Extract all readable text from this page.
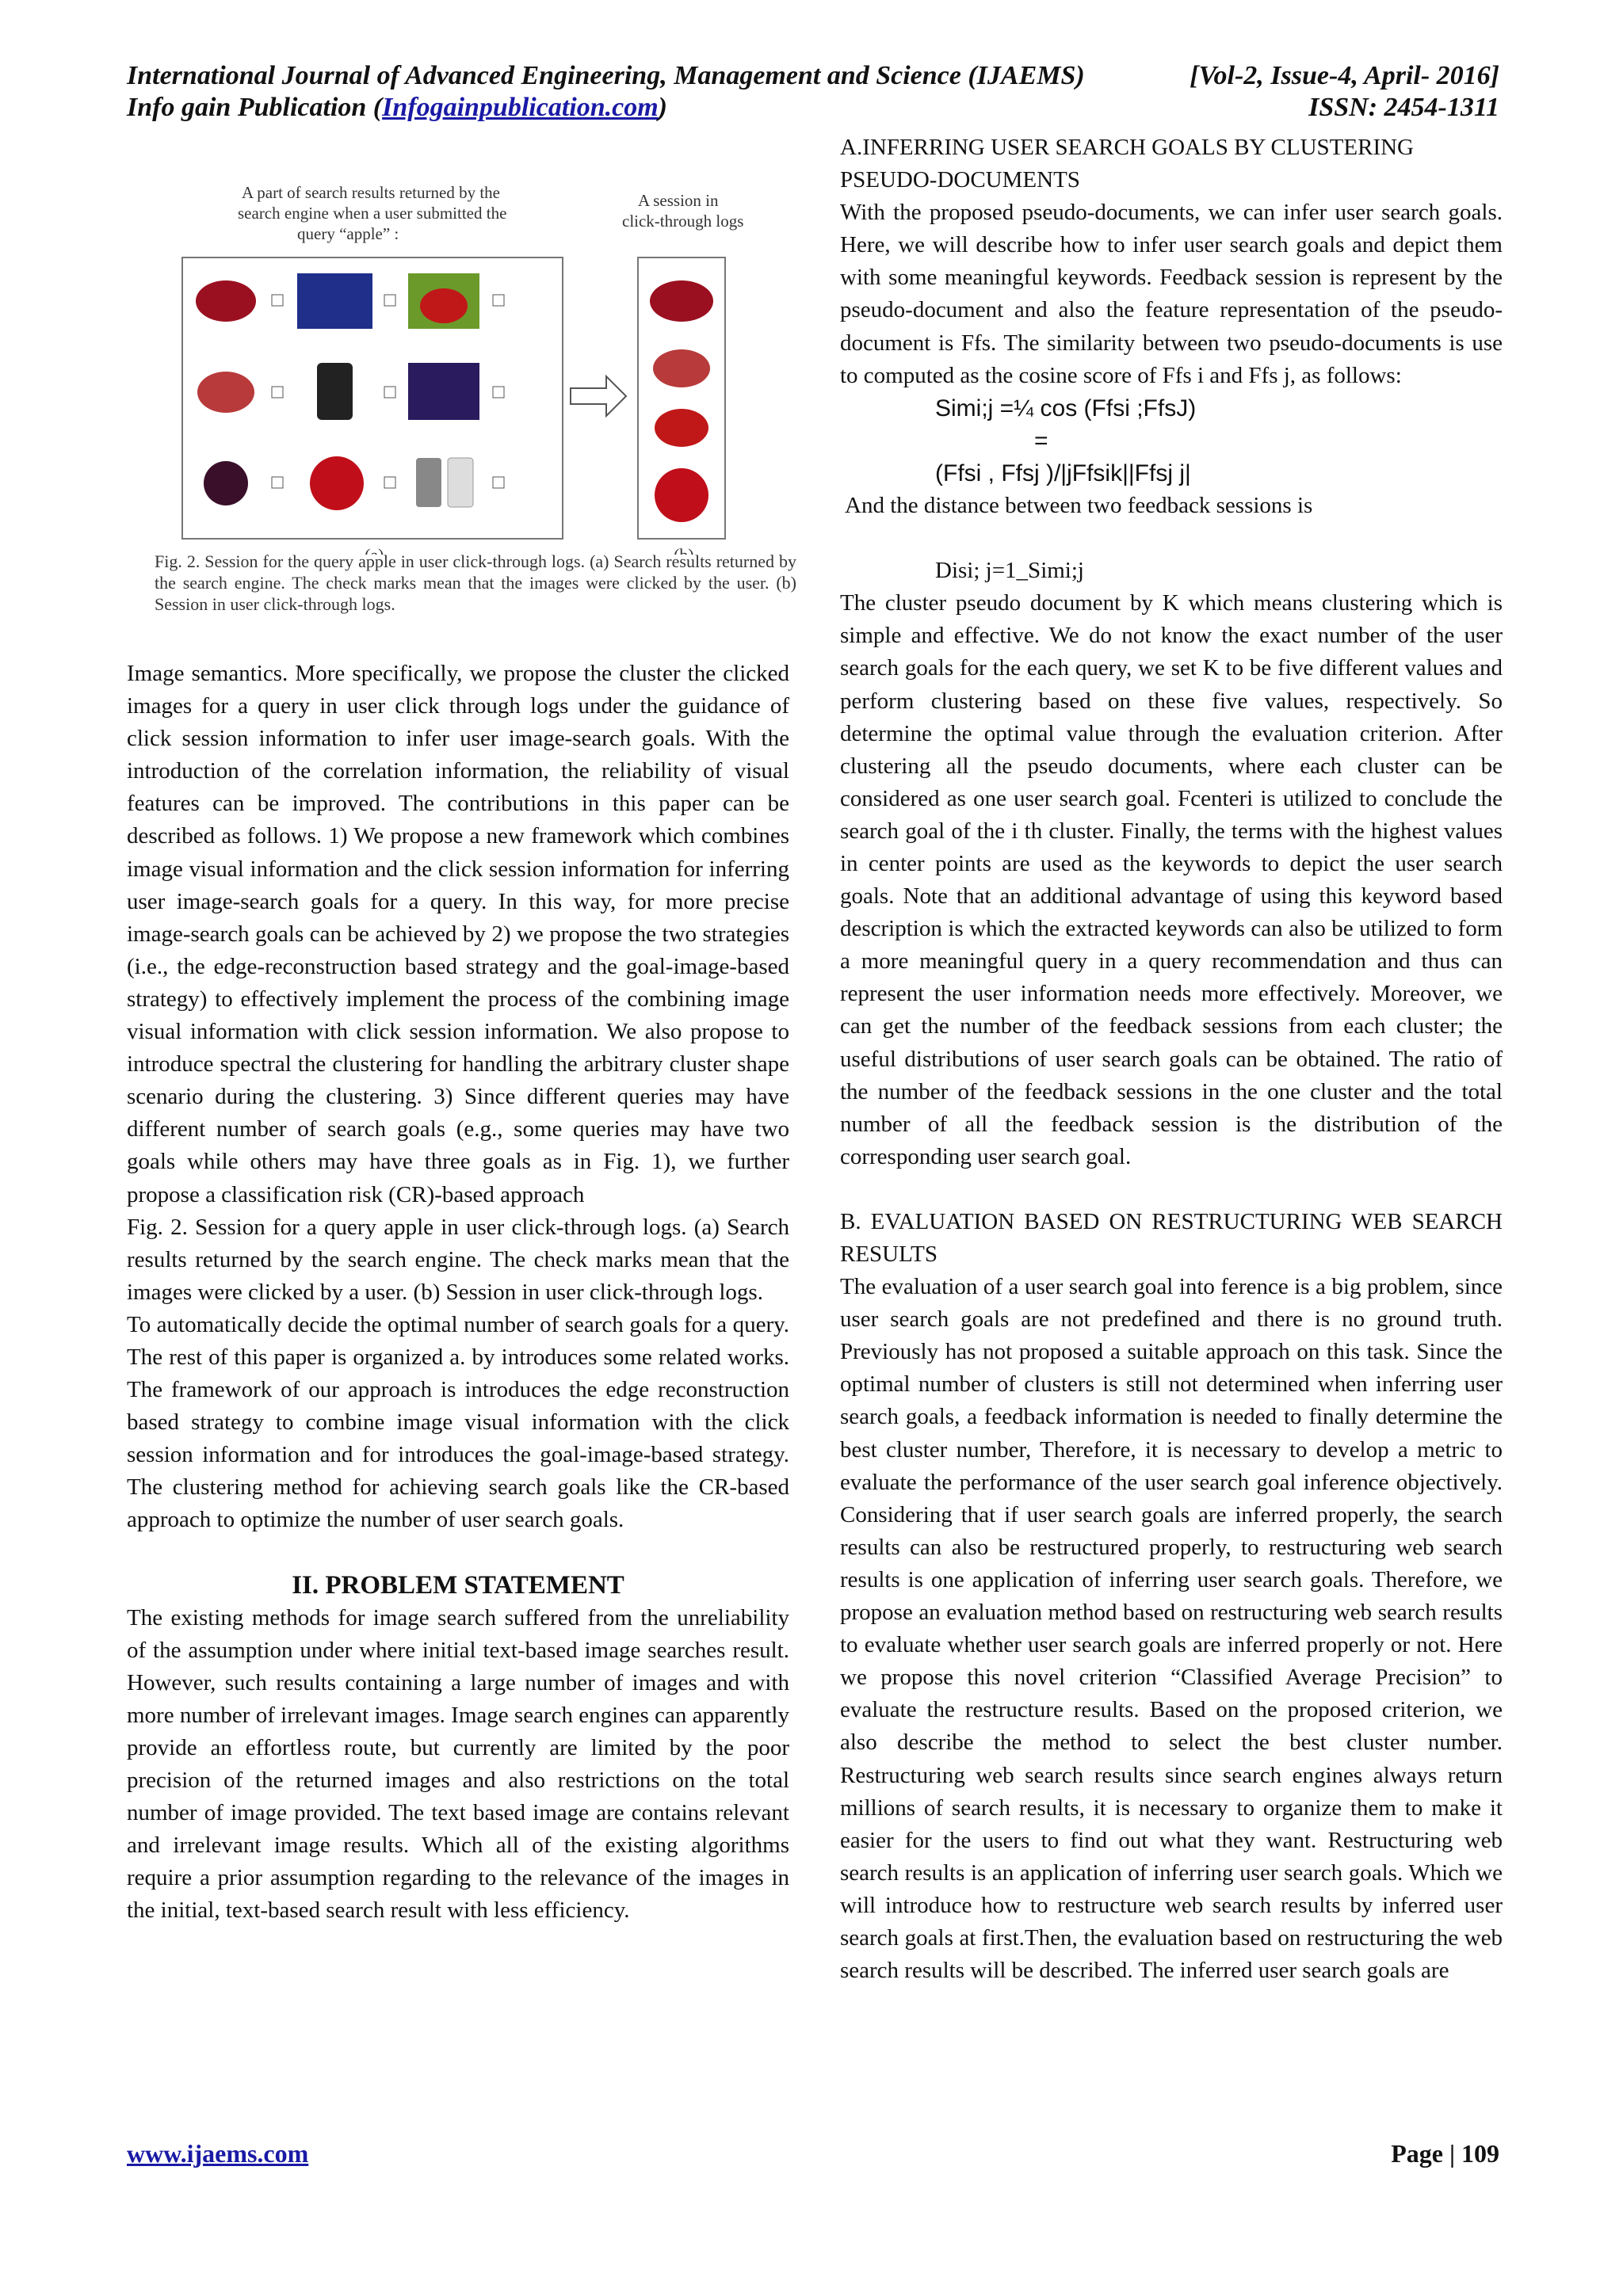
International Journal of Advanced Engineering, Management and Science (IJAEMS)	[Vol-2, Issue-4, April- 2016]
Info gain Publication (Infogainpublication.com)	ISSN: 2454-1311
A part of search results returned by the search engine when a user submitted the query “apple” :
A session in click-through logs
Fig. 2. Session for the query apple in user click-through logs. (a) Search results returned by the search engine. The check marks mean that the images were clicked by the user. (b) Session in user click-through logs.

Image semantics. More specifically, we propose the cluster the clicked images for a query in user click through logs under the guidance of click session information to infer user image-search goals. With the introduction of the correlation information, the reliability of visual features can be improved. The contributions in this paper can be described as follows. 1) We propose a new framework which combines image visual information and the click session information for inferring user image-search goals for a query. In this way, for more precise image-search goals can be achieved by 2) we propose the two strategies (i.e., the edge-reconstruction based strategy and the goal-image-based strategy) to effectively implement the process of the combining image visual information with click session information. We also propose to introduce spectral the clustering for handling the arbitrary cluster shape scenario during the clustering. 3) Since different queries may have different number of search goals (e.g., some queries may have two goals while others may have three goals as in Fig. 1), we further propose a classification risk (CR)-based approach

Fig. 2. Session for a query apple in user click-through logs. (a) Search results returned by the search engine. The check marks mean that the images were clicked by a user. (b) Session in user click-through logs.

To automatically decide the optimal number of search goals for a query. The rest of this paper is organized a. by introduces some related works. The framework of our approach is introduces the edge reconstruction based strategy to combine image visual information with the click session information and for introduces the goal-image-based strategy. The clustering method for achieving search goals like the CR-based approach to optimize the number of user search goals.

II. PROBLEM STATEMENT

The existing methods for image search suffered from the unreliability of the assumption under where initial text-based image searches result. However, such results containing a large number of images and with more number of irrelevant images. Image search engines can apparently provide an effortless route, but currently are limited by the poor precision of the returned images and also restrictions on the total number of image provided. The text based image are contains relevant and irrelevant image results. Which all of the existing algorithms require a prior assumption regarding to the relevance of the images in the initial, text-based search result with less efficiency.

A.INFERRING USER SEARCH GOALS BY CLUSTERING PSEUDO-DOCUMENTS

With the proposed pseudo-documents, we can infer user search goals. Here, we will describe how to infer user search goals and depict them with some meaningful keywords. Feedback session is represent by the pseudo-document and also the feature representation of the pseudo-document is Ffs. The similarity between two pseudo-documents is use to computed as the cosine score of Ffs i and Ffs j, as follows:

Simi;j =¼ cos (Ffsi ;FfsJ)

=

(Ffsi , Ffsj )/|jFfsik||Ffsj j|

And the distance between two feedback sessions is

Disi; j=1_Simi;j

The cluster pseudo document by K which means clustering which is simple and effective. We do not know the exact number of the user search goals for the each query, we set K to be five different values and perform clustering based on these five values, respectively. So determine the optimal value through the evaluation criterion. After clustering all the pseudo documents, where each cluster can be considered as one user search goal. Fcenteri is utilized to conclude the search goal of the i th cluster. Finally, the terms with the highest values in center points are used as the keywords to depict the user search goals. Note that an additional advantage of using this keyword based description is which the extracted keywords can also be utilized to form a more meaningful query in a query recommendation and thus can represent the user information needs more effectively. Moreover, we can get the number of the feedback sessions from each cluster; the useful distributions of user search goals can be obtained. The ratio of the number of the feedback sessions in the one cluster and the total number of all the feedback session is the distribution of the corresponding user search goal.

B. EVALUATION BASED ON RESTRUCTURING WEB SEARCH RESULTS

The evaluation of a user search goal into ference is a big problem, since user search goals are not predefined and there is no ground truth. Previously has not proposed a suitable approach on this task. Since the optimal number of clusters is still not determined when inferring user search goals, a feedback information is needed to finally determine the best cluster number, Therefore, it is necessary to develop a metric to evaluate the performance of the user search goal inference objectively. Considering that if user search goals are inferred properly, the search results can also be restructured properly, to restructuring web search results is one application of inferring user search goals. Therefore, we propose an evaluation method based on restructuring web search results to evaluate whether user search goals are inferred properly or not. Here we propose this novel criterion “Classified Average Precision” to evaluate the restructure results. Based on the proposed criterion, we also describe the method to select the best cluster number. Restructuring web search results since search engines always return millions of search results, it is necessary to organize them to make it easier for the users to find out what they want. Restructuring web search results is an application of inferring user search goals. Which we will introduce how to restructure web search results by inferred user search goals at first.Then, the evaluation based on restructuring the web search results will be described. The inferred user search goals are

www.ijaems.com	Page | 109
